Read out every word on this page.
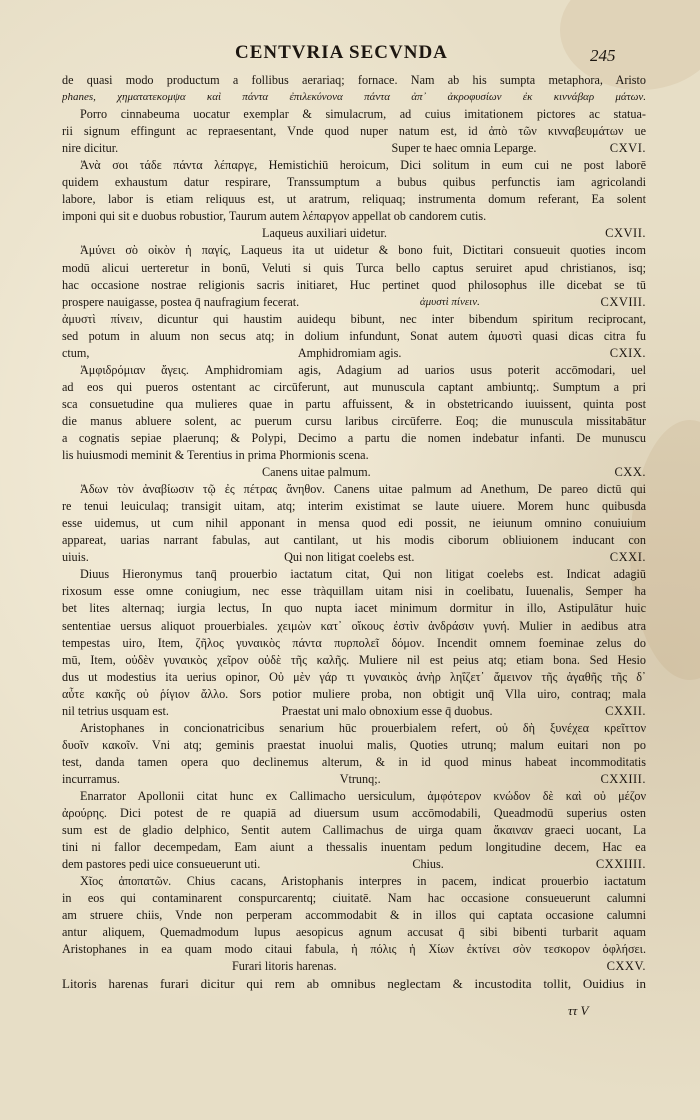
CENTVRIA SECVNDA	245
de quasi modo productum a follibus aerariaq; fornace. Nam ab his sumpta metaphora, Aristo
phanes, χηματατεκομψα καὶ πάντα ἐπιλεκύνονα πάντα ἀπ᾽ ἀκροφυσίων ἐκ κιννάβαρ μάτων.
Porro cinnabeuma uocatur exemplar & simulacrum, ad cuius imitationem pictores ac statua-
rii signum effingunt ac repraesentant, Vnde quod nuper natum est, id ἀπὸ τῶν κινναβευμάτων ue
nire dicitur.	Super te haec omnia Leparge.	CXVI.
Ἀνὰ σοι τάδε πάντα λέπαργε, Hemistichiū heroicum, Dici solitum in eum cui ne post laborē
quidem exhaustum datur respirare, Transsumptum a bubus quibus perfunctis iam agricolandi
labore, labor is etiam reliquus est, ut aratrum, reliquaq; instrumenta domum referant, Ea solent
imponi qui sit e duobus robustior, Taurum autem λέπαργον appellat ob candorem cutis.
Laqueus auxiliari uidetur.	CXVII.
Ἀμύνει σὸ οἰκὸν ἡ παγίς, Laqueus ita ut uidetur & bono fuit, Dictitari consueuit quoties incom
modū alicui uerteretur in bonū, Veluti si quis Turca bello captus seruiret apud christianos, isq;
hac occasione nostrae religionis sacris initiaret, Huc pertinet quod philosophus ille dicebat se tū
prospere nauigasse, postea q̄ naufragium fecerat.	ἀμυστὶ πίνειν.	CXVIII.
ἀμυστὶ πίνειν, dicuntur qui haustim auidequ bibunt, nec inter bibendum spiritum reciprocant,
sed potum in aluum non secus atq; in dolium infundunt, Sonat autem ἀμυστὶ quasi dicas citra fu
ctum,	Amphidromiam agis.	CXIX.
Ἀμφιδρόμιαν ἄγεις. Amphidromiam agis, Adagium ad uarios usus poterit accōmodari, uel
ad eos qui pueros ostentant ac circūferunt, aut munuscula captant ambiuntq;. Sumptum a pri
sca consuetudine qua mulieres quae in partu affuissent, & in obstetricando iuuissent, quinta post
die manus abluere solent, ac puerum cursu laribus circūferre. Eoq; die munuscula missitabātur
a cognatis sepiae plaerunq; & Polypi, Decimo a partu die nomen indebatur infanti. De munuscu
lis huiusmodi meminit & Terentius in prima Phormionis scena.
Canens uitae palmum.	CXX.
Ἀδων τὸν ἀναβίωσιν τῷ ἐς πέτρας ἄνηθον. Canens uitae palmum ad Anethum, De pareo dictū qui
re tenui leuiculaq; transigit uitam, atq; interim existimat se laute uiuere. Morem hunc quibusda
esse uidemus, ut cum nihil apponant in mensa quod edi possit, ne ieiunum omnino conuiuium
appareat, uarias narrant fabulas, aut cantilant, ut his modis ciborum obliuionem inducant con
uiuis.	Qui non litigat coelebs est.	CXXI.
Diuus Hieronymus tanq̄ prouerbio iactatum citat, Qui non litigat coelebs est. Indicat adagiū
rixosum esse omne coniugium, nec esse tràquillam uitam nisi in coelibatu, Iuuenalis, Semper ha
bet lites alternaq; iurgia lectus, In quo nupta iacet minimum dormitur in illo, Astipulātur huic
sententiae uersus aliquot prouerbiales. χειμὼν κατ᾽ οἴκους ἐστὶν ἀνδράσιν γυνή. Mulier in aedibus atra
tempestas uiro, Item, ζῆλος γυναικὸς πάντα πυρπολεῖ δόμον. Incendit omnem foeminae zelus do
mū, Item, οὐδὲν γυναικὸς χεῖρον οὐδὲ τῆς καλῆς. Muliere nil est peius atq; etiam bona. Sed Hesio
dus ut modestius ita uerius opinor, Οὐ μὲν γάρ τι γυναικὸς ἀνὴρ ληΐζετ᾽ ἄμεινον τῆς ἀγαθῆς τῆς δ᾽
αὖτε κακῆς οὐ ῥίγιον ἄλλο. Sors potior muliere proba, non obtigit unq̄ Vlla uiro, contraq; mala
nil tetrius usquam est.	Praestat uni malo obnoxium esse q̄ duobus.	CXXII.
Aristophanes in concionatricibus senarium hūc prouerbialem refert, οὐ δὴ ξυνέχεα κρεῖττον
δυοῖν κακοῖν. Vni atq; geminis praestat inuolui malis, Quoties utrunq; malum euitari non po
test, danda tamen opera quo declinemus alterum, & in id quod minus habeat incommoditatis
incurramus.	Vtrunq;.	CXXIII.
Enarrator Apollonii citat hunc ex Callimacho uersiculum, ἀμφότερον κνώδον δὲ καὶ οὐ μέζον
ἀρούρης. Dici potest de re quapiā ad diuersum usum accōmodabili, Queadmodū superius osten
sum est de gladio delphico, Sentit autem Callimachus de uirga quam ἄκαιναν graeci uocant, La
tini ni fallor decempedam, Eam aiunt a thessalis inuentam pedum longitudine decem, Hac ea
dem pastores pedi uice consueuerunt uti.	Chius.	CXXIIII.
Χῖος ἀποπατῶν. Chius cacans, Aristophanis interpres in pacem, indicat prouerbio iactatum
in eos qui contaminarent conspurcarentq; ciuitatē. Nam hac occasione consueuerunt calumni
am struere chiis, Vnde non perperam accommodabit & in illos qui captata occasione calumni
antur aliquem, Quemadmodum lupus aesopicus agnum accusat q̄ sibi bibenti turbarit aquam
Aristophanes in ea quam modo citaui fabula, ἡ πόλις ἡ Χίων ἐκτίνει σὸν τεσκορον ὀφλήσει.
Furari litoris harenas.	CXXV.
Litoris harenas furari dicitur qui rem ab omnibus neglectam & incustodita tollit, Ouidius in
ττ V
